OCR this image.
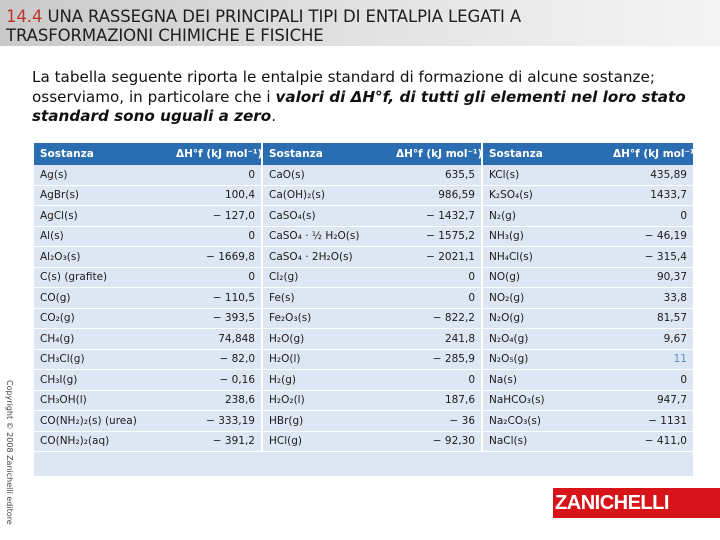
14.4 UNA RASSEGNA DEI PRINCIPALI TIPI DI ENTALPIA LEGATI A
TRASFORMAZIONI CHIMICHE E FISICHE
La tabella seguente riporta le entalpie standard di formazione di alcune sostanze; osserviamo, in particolare che i valori di ΔH°f, di tutti gli elementi nel loro stato standard sono uguali a zero.
Sostanza	ΔH°f (kJ mol⁻¹)	Sostanza	ΔH°f (kJ mol⁻¹)	Sostanza	ΔH°f (kJ mol⁻¹)
Ag(s)	0	CaO(s)	635,5	KCl(s)	435,89
AgBr(s)	100,4	Ca(OH)₂(s)	986,59	K₂SO₄(s)	1433,7
AgCl(s)	− 127,0	CaSO₄(s)	− 1432,7	N₂(g)	0
Al(s)	0	CaSO₄ · ½ H₂O(s)	− 1575,2	NH₃(g)	− 46,19
Al₂O₃(s)	− 1669,8	CaSO₄ · 2H₂O(s)	− 2021,1	NH₄Cl(s)	− 315,4
C(s) (grafite)	0	Cl₂(g)	0	NO(g)	90,37
CO(g)	− 110,5	Fe(s)	0	NO₂(g)	33,8
CO₂(g)	− 393,5	Fe₂O₃(s)	− 822,2	N₂O(g)	81,57
CH₄(g)	74,848	H₂O(g)	241,8	N₂O₄(g)	9,67
CH₃Cl(g)	− 82,0	H₂O(l)	− 285,9	N₂O₅(g)	11
CH₃I(g)	− 0,16	H₂(g)	0	Na(s)	0
CH₃OH(l)	238,6	H₂O₂(l)	187,6	NaHCO₃(s)	947,7
CO(NH₂)₂(s) (urea)	− 333,19	HBr(g)	− 36	Na₂CO₃(s)	− 1131
CO(NH₂)₂(aq)	− 391,2	HCl(g)	− 92,30	NaCl(s)	− 411,0
Copyright © 2008 Zanichelli editore	ZANICHELLI
